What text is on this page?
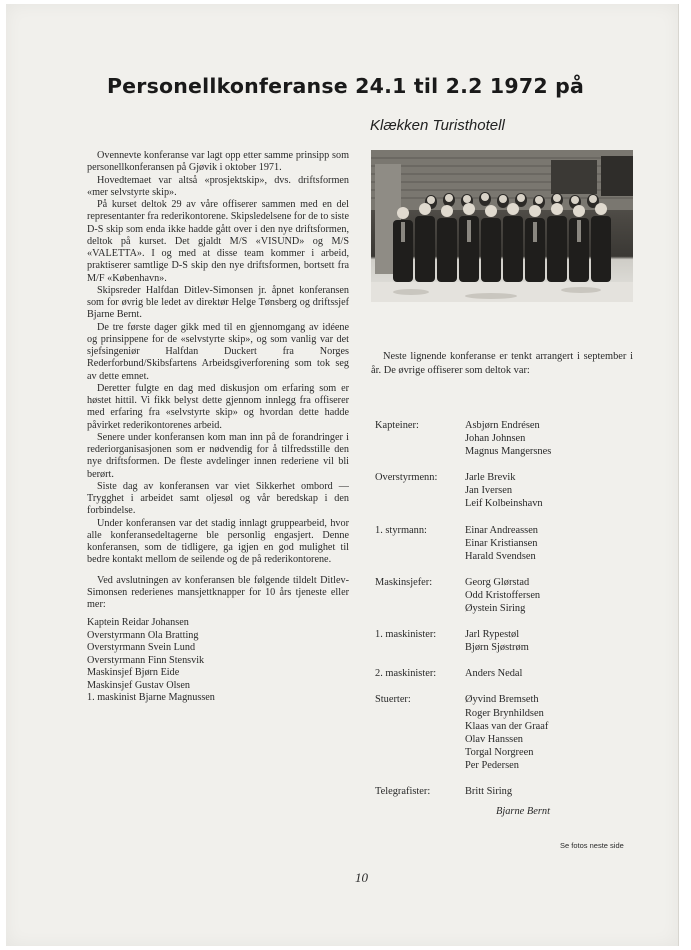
Personellkonferanse 24.1 til 2.2 1972 på
Klækken Turisthotell

Ovennevte konferanse var lagt opp etter samme prinsipp som personellkonferansen på Gjøvik i oktober 1971.

Hovedtemaet var altså «prosjektskip», dvs. driftsformen «mer selvstyrte skip».

På kurset deltok 29 av våre offiserer sammen med en del representanter fra rederikontorene. Skipsledelsene for de to siste D-S skip som enda ikke hadde gått over i den nye driftsformen, deltok på kurset. Det gjaldt M/S «VISUND» og M/S «VALETTA». I og med at disse team kommer i arbeid, praktiserer samtlige D-S skip den nye driftsformen, bortsett fra M/F «København».

Skipsreder Halfdan Ditlev-Simonsen jr. åpnet konferansen som for øvrig ble ledet av direktør Helge Tønsberg og driftssjef Bjarne Bernt.

De tre første dager gikk med til en gjennomgang av idéene og prinsippene for de «selvstyrte skip», og som vanlig var det sjefsingeniør Halfdan Duckert fra Norges Rederforbund/Skibsfartens Arbeidsgiverforening som tok seg av dette emnet.

Deretter fulgte en dag med diskusjon om erfaring som er høstet hittil. Vi fikk belyst dette gjennom innlegg fra offiserer med erfaring fra «selvstyrte skip» og hvordan dette hadde påvirket rederikontorenes arbeid.

Senere under konferansen kom man inn på de forandringer i rederiorganisasjonen som er nødvendig for å tilfredsstille den nye driftsformen. De fleste avdelinger innen rederiene vil bli berørt.

Siste dag av konferansen var viet Sikkerhet ombord — Trygghet i arbeidet samt oljesøl og vår beredskap i den forbindelse.

Under konferansen var det stadig innlagt gruppearbeid, hvor alle konferansedeltagerne ble personlig engasjert. Denne konferansen, som de tidligere, ga igjen en god mulighet til bedre kontakt mellom de seilende og de på rederikontorene.

Ved avslutningen av konferansen ble følgende tildelt Ditlev-Simonsen rederienes mansjettknapper for 10 års tjeneste eller mer:

Kaptein Reidar Johansen
Overstyrmann Ola Bratting
Overstyrmann Svein Lund
Overstyrmann Finn Stensvik
Maskinsjef Bjørn Eide
Maskinsjef Gustav Olsen
1. maskinist Bjarne Magnussen

Neste lignende konferanse er tenkt arrangert i september i år. De øvrige offiserer som deltok var:

Kapteiner:	Asbjørn Endrésen
Johan Johnsen
Magnus Mangersnes
Overstyrmenn:	Jarle Brevik
Jan Iversen
Leif Kolbeinshavn
1. styrmann:	Einar Andreassen
Einar Kristiansen
Harald Svendsen
Maskinsjefer:	Georg Glørstad
Odd Kristoffersen
Øystein Siring
1. maskinister:	Jarl Rypestøl
Bjørn Sjøstrøm
2. maskinister:	Anders Nedal
Stuerter:	Øyvind Bremseth
Roger Brynhildsen
Klaas van der Graaf
Olav Hanssen
Torgal Norgreen
Per Pedersen
Telegrafister:	Britt Siring
Bjarne Bernt
Se fotos neste side
10
